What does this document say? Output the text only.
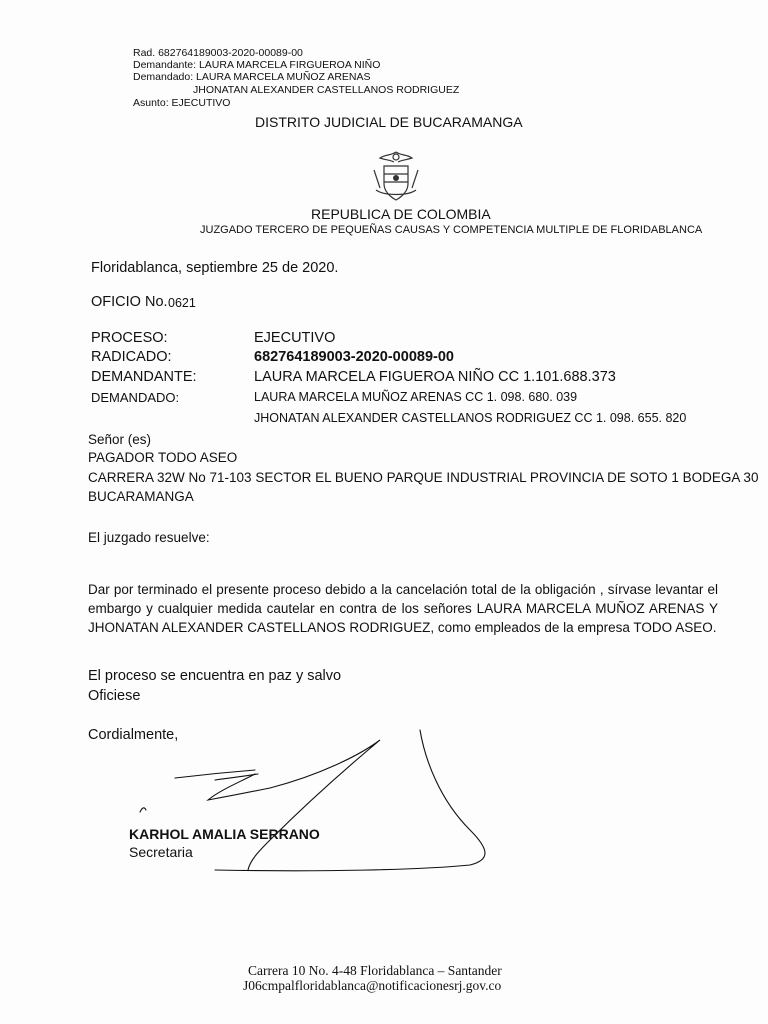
Rad. 682764189003-2020-00089-00
Demandante: LAURA MARCELA FIRGUEROA NIÑO
Demandado: LAURA MARCELA MUÑOZ ARENAS
JHONATAN ALEXANDER CASTELLANOS RODRIGUEZ
Asunto: EJECUTIVO
DISTRITO JUDICIAL DE BUCARAMANGA
REPUBLICA DE COLOMBIA
JUZGADO TERCERO DE PEQUEÑAS CAUSAS Y COMPETENCIA MULTIPLE DE FLORIDABLANCA
Floridablanca, septiembre 25 de 2020.
OFICIO No. 0621
PROCESO:	EJECUTIVO
RADICADO:	682764189003-2020-00089-00
DEMANDANTE:	LAURA MARCELA FIGUEROA NIÑO CC 1.101.688.373
DEMANDADO:	LAURA MARCELA MUÑOZ ARENAS CC 1. 098. 680. 039
JHONATAN ALEXANDER CASTELLANOS RODRIGUEZ CC 1. 098. 655. 820
Señor (es)
PAGADOR TODO ASEO
CARRERA 32W No 71-103 SECTOR EL BUENO PARQUE INDUSTRIAL PROVINCIA DE SOTO 1 BODEGA 30
BUCARAMANGA
El juzgado resuelve:
Dar por terminado el presente proceso debido a la cancelación total de la obligación , sírvase levantar el embargo y cualquier medida cautelar en contra de los señores LAURA MARCELA MUÑOZ ARENAS Y JHONATAN ALEXANDER CASTELLANOS RODRIGUEZ, como empleados de la empresa TODO ASEO.
El proceso se encuentra en paz y salvo
Oficiese
Cordialmente,
KARHOL AMALIA SERRANO
Secretaria
Carrera 10 No. 4-48 Floridablanca – Santander
J06cmpalfloridablanca@notificacionesrj.gov.co
